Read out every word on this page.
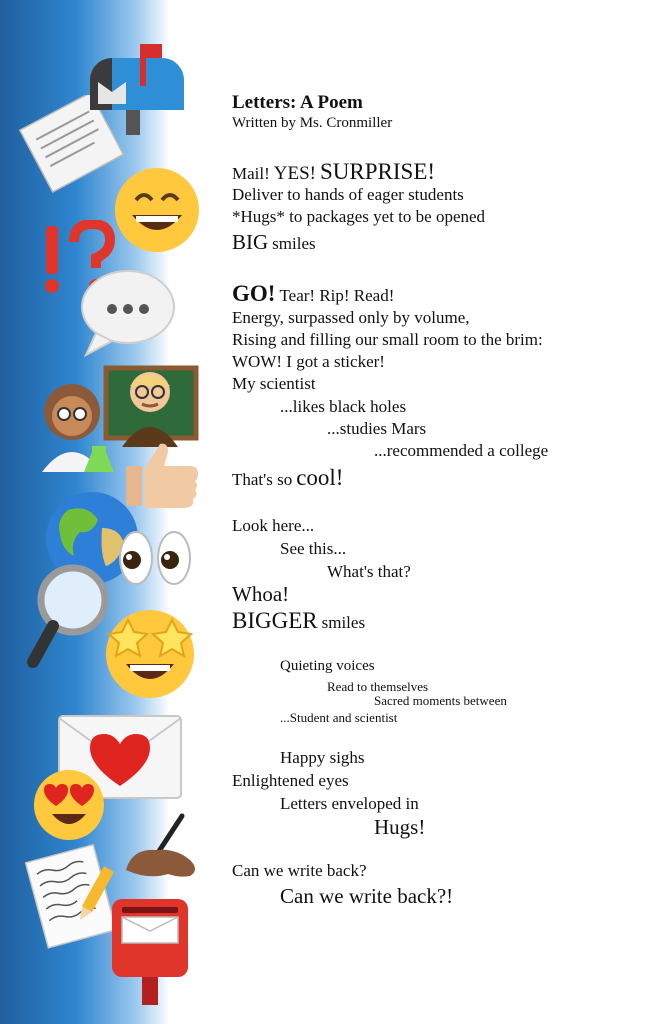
Letters: A Poem
Written by Ms. Cronmiller
Mail! YES! SURPRISE!
Deliver to hands of eager students
*Hugs* to packages yet to be opened
BIG smiles
GO! Tear! Rip! Read!
Energy, surpassed only by volume,
Rising and filling our small room to the brim:
WOW! I got a sticker!
My scientist
...likes black holes
...studies Mars
...recommended a college
That's so cool!
Look here...
See this...
What's that?
Whoa!
BIGGER smiles
Quieting voices
Read to themselves
Sacred moments between
...Student and scientist
Happy sighs
Enlightened eyes
Letters enveloped in
Hugs!
Can we write back?
Can we write back?!
